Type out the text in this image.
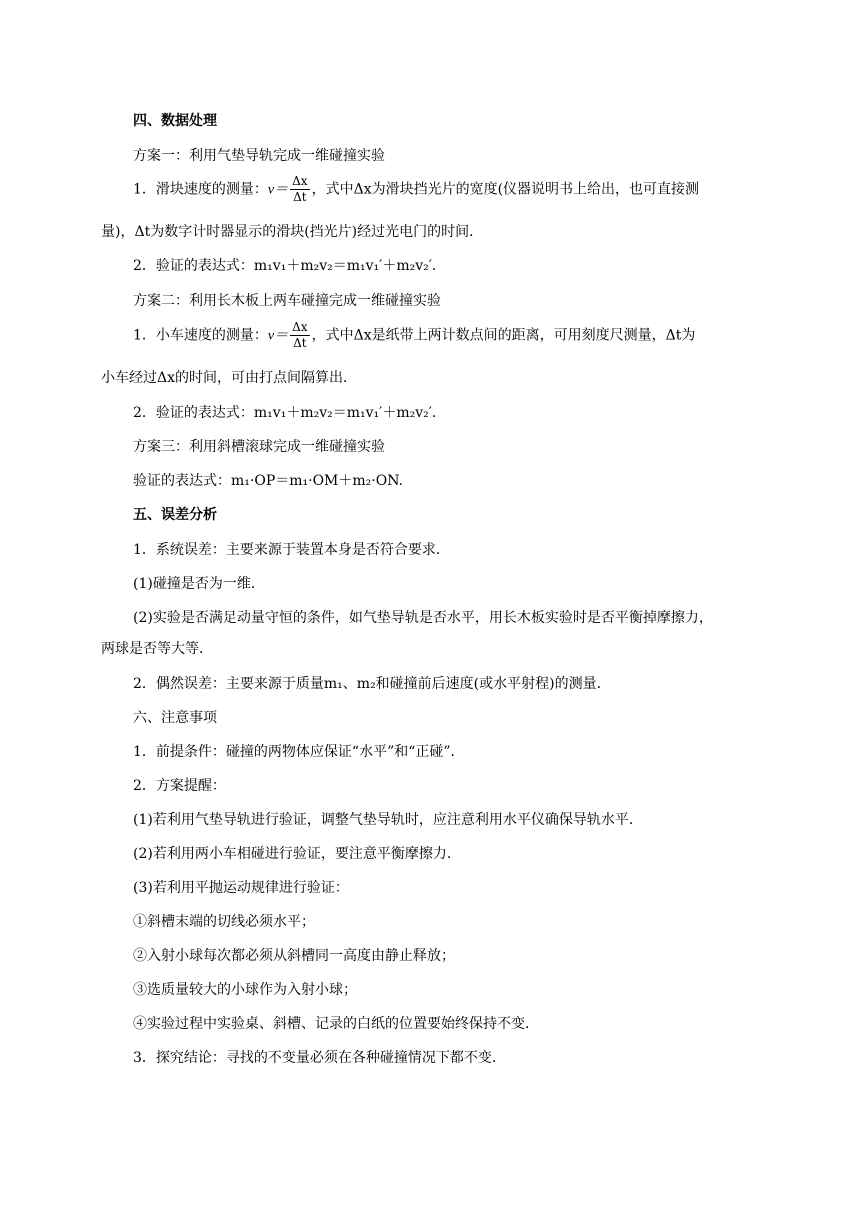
四、数据处理
方案一：利用气垫导轨完成一维碰撞实验
1．滑块速度的测量：$v= \frac{\Delta x}{\Delta t}$ ，式中Δx为滑块挡光片的宽度(仪器说明书上给出，也可直接测
量)，Δt为数字计时器显示的滑块(挡光片)经过光电门的时间．
2．验证的表达式：m₁v₁＋m₂v₂＝m₁v₁′＋m₂v₂′．
方案二：利用长木板上两车碰撞完成一维碰撞实验
1．小车速度的测量：$v= \frac{\Delta x}{\Delta t}$ ，式中Δx是纸带上两计数点间的距离，可用刻度尺测量，Δt为
小车经过Δx的时间，可由打点间隔算出．
2．验证的表达式：m₁v₁＋m₂v₂＝m₁v₁′＋m₂v₂′．
方案三：利用斜槽滚球完成一维碰撞实验
验证的表达式：m₁·OP＝m₁·OM＋m₂·ON.
五、误差分析
1．系统误差：主要来源于装置本身是否符合要求．
(1)碰撞是否为一维．
(2)实验是否满足动量守恒的条件，如气垫导轨是否水平，用长木板实验时是否平衡掉摩擦力，
两球是否等大等．
2．偶然误差：主要来源于质量m₁、m₂和碰撞前后速度(或水平射程)的测量．
六、注意事项
1．前提条件：碰撞的两物体应保证“水平”和“正碰”．
2．方案提醒：
(1)若利用气垫导轨进行验证，调整气垫导轨时，应注意利用水平仪确保导轨水平．
(2)若利用两小车相碰进行验证，要注意平衡摩擦力．
(3)若利用平抛运动规律进行验证：
①斜槽末端的切线必须水平；
②入射小球每次都必须从斜槽同一高度由静止释放；
③选质量较大的小球作为入射小球；
④实验过程中实验桌、斜槽、记录的白纸的位置要始终保持不变．
3．探究结论：寻找的不变量必须在各种碰撞情况下都不变．
